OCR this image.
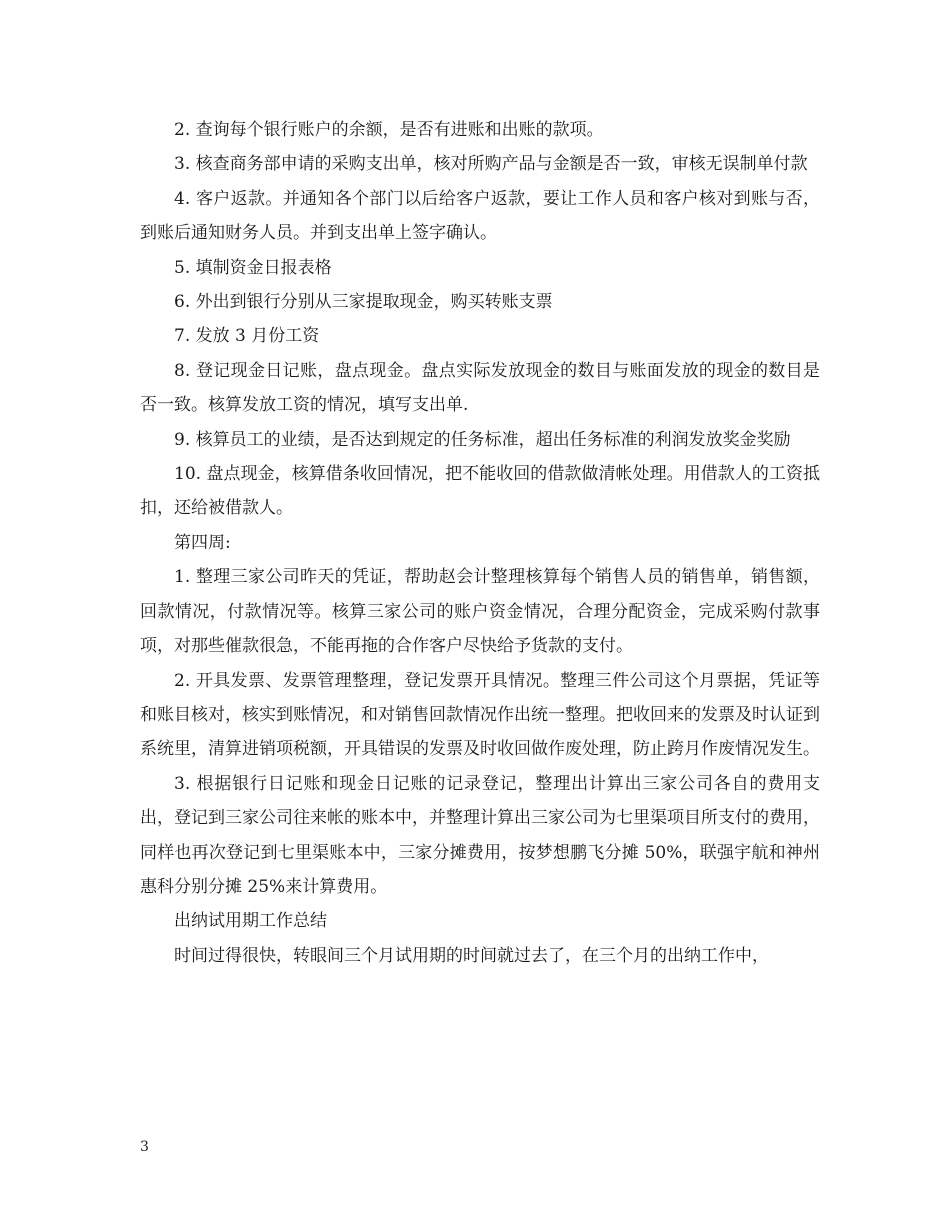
2. 查询每个银行账户的余额，是否有进账和出账的款项。

3. 核查商务部申请的采购支出单，核对所购产品与金额是否一致，审核无误制单付款

4. 客户返款。并通知各个部门以后给客户返款，要让工作人员和客户核对到账与否，到账后通知财务人员。并到支出单上签字确认。

5. 填制资金日报表格

6. 外出到银行分别从三家提取现金，购买转账支票

7. 发放 3 月份工资

8. 登记现金日记账，盘点现金。盘点实际发放现金的数目与账面发放的现金的数目是否一致。核算发放工资的情况，填写支出单.

9. 核算员工的业绩，是否达到规定的任务标准，超出任务标准的利润发放奖金奖励

10. 盘点现金，核算借条收回情况，把不能收回的借款做清帐处理。用借款人的工资抵扣，还给被借款人。

第四周:

1. 整理三家公司昨天的凭证，帮助赵会计整理核算每个销售人员的销售单，销售额，回款情况，付款情况等。核算三家公司的账户资金情况，合理分配资金，完成采购付款事项，对那些催款很急，不能再拖的合作客户尽快给予货款的支付。

2. 开具发票、发票管理整理，登记发票开具情况。整理三件公司这个月票据，凭证等和账目核对，核实到账情况，和对销售回款情况作出统一整理。把收回来的发票及时认证到系统里，清算进销项税额，开具错误的发票及时收回做作废处理，防止跨月作废情况发生。

3. 根据银行日记账和现金日记账的记录登记，整理出计算出三家公司各自的费用支出，登记到三家公司往来帐的账本中，并整理计算出三家公司为七里渠项目所支付的费用，同样也再次登记到七里渠账本中，三家分摊费用，按梦想鹏飞分摊 50%，联强宇航和神州惠科分别分摊 25%来计算费用。

出纳试用期工作总结

时间过得很快，转眼间三个月试用期的时间就过去了，在三个月的出纳工作中，

3
